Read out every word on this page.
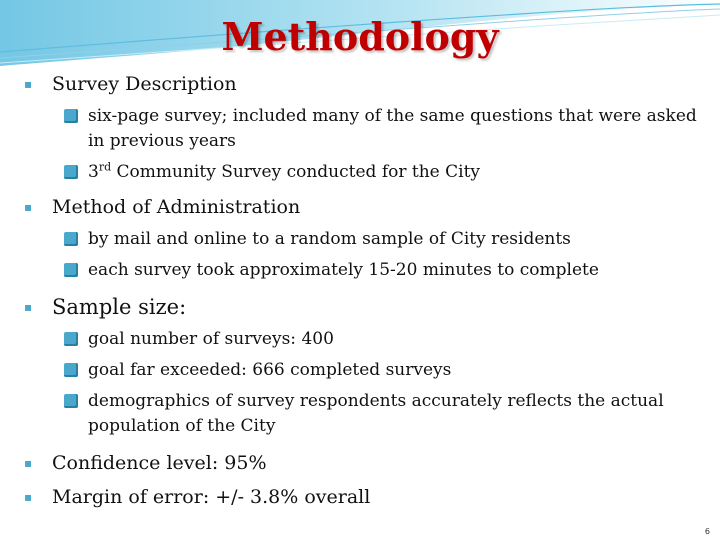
Methodology
▪ Survey Description
six-page survey; included many of the same questions that were asked in previous years
3rd Community Survey conducted for the City
▪ Method of Administration
by mail and online to a random sample of City residents
each survey took approximately 15-20 minutes to complete
▪ Sample size:
goal number of surveys: 400
goal far exceeded: 666 completed surveys
demographics of survey respondents accurately reflects the actual population of the City
▪ Confidence level: 95%
▪ Margin of error: +/- 3.8% overall
6
